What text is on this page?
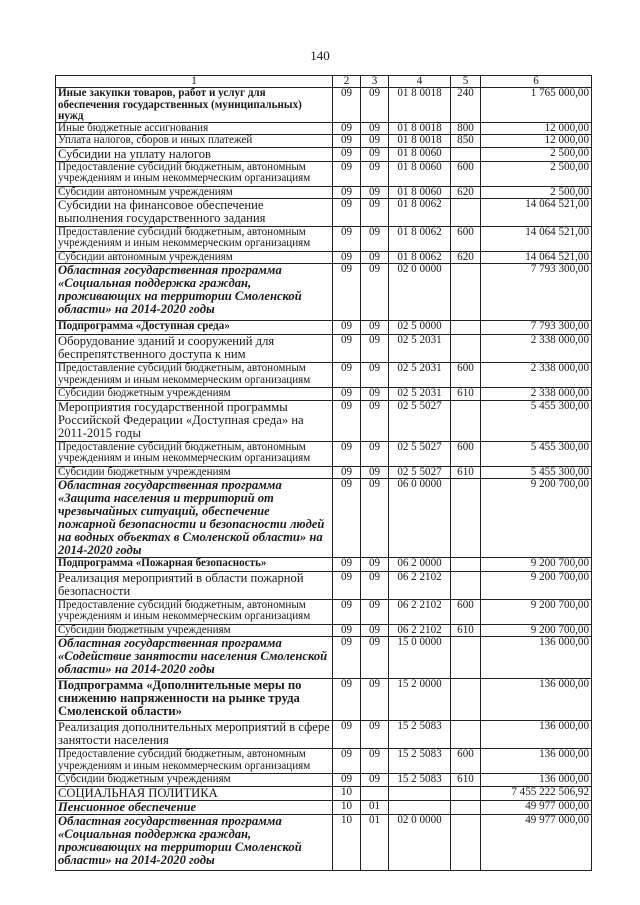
140
1	2	3	4	5	6
Иные закупки товаров, работ и услуг для обеспечения государственных (муниципальных) нужд	09	09	01 8 0018	240	1 765 000,00
Иные бюджетные ассигнования	09	09	01 8 0018	800	12 000,00
Уплата налогов, сборов и иных платежей	09	09	01 8 0018	850	12 000,00
Субсидии на уплату налогов	09	09	01 8 0060		2 500,00
Предоставление субсидий бюджетным, автономным учреждениям и иным некоммерческим организациям	09	09	01 8 0060	600	2 500,00
Субсидии автономным учреждениям	09	09	01 8 0060	620	2 500,00
Субсидии на финансовое обеспечение выполнения государственного задания	09	09	01 8 0062		14 064 521,00
Предоставление субсидий бюджетным, автономным учреждениям и иным некоммерческим организациям	09	09	01 8 0062	600	14 064 521,00
Субсидии автономным учреждениям	09	09	01 8 0062	620	14 064 521,00
Областная государственная программа «Социальная поддержка граждан, проживающих на территории Смоленской области» на 2014-2020 годы	09	09	02 0 0000		7 793 300,00
Подпрограмма «Доступная среда»	09	09	02 5 0000		7 793 300,00
Оборудование зданий и сооружений для беспрепятственного доступа к ним	09	09	02 5 2031		2 338 000,00
Предоставление субсидий бюджетным, автономным учреждениям и иным некоммерческим организациям	09	09	02 5 2031	600	2 338 000,00
Субсидии бюджетным учреждениям	09	09	02 5 2031	610	2 338 000,00
Мероприятия государственной программы Российской Федерации «Доступная среда» на 2011-2015 годы	09	09	02 5 5027		5 455 300,00
Предоставление субсидий бюджетным, автономным учреждениям и иным некоммерческим организациям	09	09	02 5 5027	600	5 455 300,00
Субсидии бюджетным учреждениям	09	09	02 5 5027	610	5 455 300,00
Областная государственная программа «Защита населения и территорий от чрезвычайных ситуаций, обеспечение пожарной безопасности и безопасности людей на водных объектах в Смоленской области» на 2014-2020 годы	09	09	06 0 0000		9 200 700,00
Подпрограмма «Пожарная безопасность»	09	09	06 2 0000		9 200 700,00
Реализация мероприятий в области пожарной безопасности	09	09	06 2 2102		9 200 700,00
Предоставление субсидий бюджетным, автономным учреждениям и иным некоммерческим организациям	09	09	06 2 2102	600	9 200 700,00
Субсидии бюджетным учреждениям	09	09	06 2 2102	610	9 200 700,00
Областная государственная программа «Содействие занятости населения Смоленской области» на 2014-2020 годы	09	09	15 0 0000		136 000,00
Подпрограмма «Дополнительные меры по снижению напряженности на рынке труда Смоленской области»	09	09	15 2 0000		136 000,00
Реализация дополнительных мероприятий в сфере занятости населения	09	09	15 2 5083		136 000,00
Предоставление субсидий бюджетным, автономным учреждениям и иным некоммерческим организациям	09	09	15 2 5083	600	136 000,00
Субсидии бюджетным учреждениям	09	09	15 2 5083	610	136 000,00
СОЦИАЛЬНАЯ ПОЛИТИКА	10				7 455 222 506,92
Пенсионное обеспечение	10	01			49 977 000,00
Областная государственная программа «Социальная поддержка граждан, проживающих на территории Смоленской области» на 2014-2020 годы	10	01	02 0 0000		49 977 000,00
